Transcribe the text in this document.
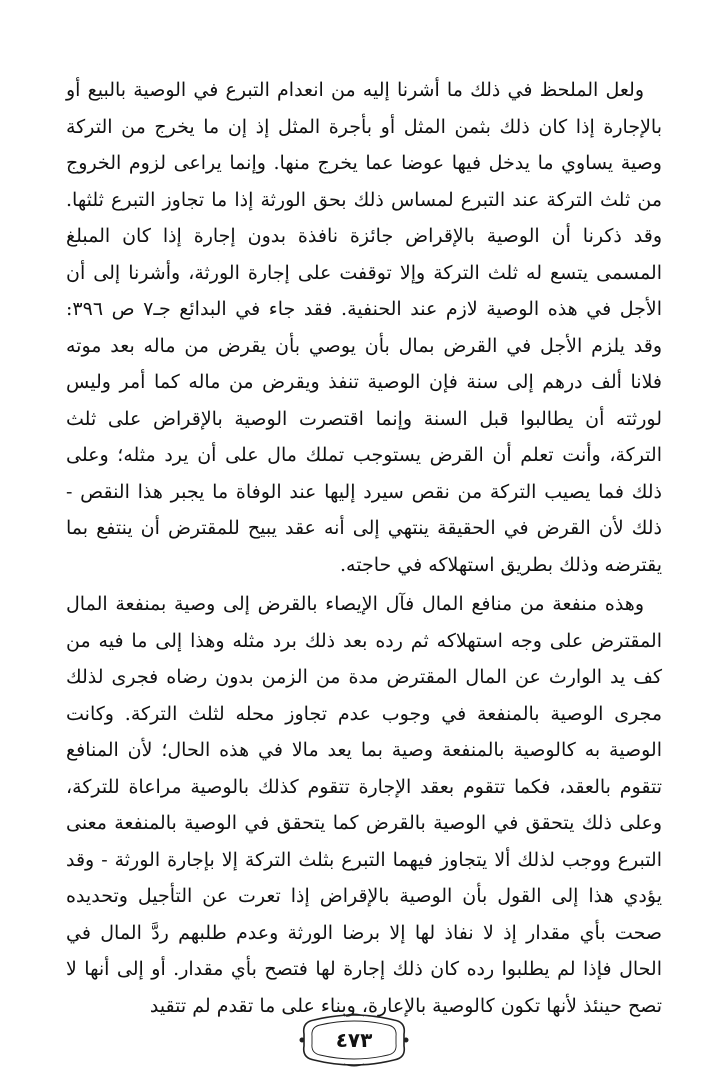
ولعل الملحظ في ذلك ما أشرنا إليه من انعدام التبرع في الوصية بالبيع أو بالإجارة إذا كان ذلك بثمن المثل أو بأجرة المثل إذ إن ما يخرج من التركة وصية يساوي ما يدخل فيها عوضا عما يخرج منها. وإنما يراعى لزوم الخروج من ثلث التركة عند التبرع لمساس ذلك بحق الورثة إذا ما تجاوز التبرع ثلثها. وقد ذكرنا أن الوصية بالإقراض جائزة نافذة بدون إجارة إذا كان المبلغ المسمى يتسع له ثلث التركة وإلا توقفت على إجارة الورثة، وأشرنا إلى أن الأجل في هذه الوصية لازم عند الحنفية. فقد جاء في البدائع جـ٧ ص ٣٩٦: وقد يلزم الأجل في القرض بمال بأن يوصي بأن يقرض من ماله بعد موته فلانا ألف درهم إلى سنة فإن الوصية تنفذ ويقرض من ماله كما أمر وليس لورثته أن يطالبوا قبل السنة وإنما اقتصرت الوصية بالإقراض على ثلث التركة، وأنت تعلم أن القرض يستوجب تملك مال على أن يرد مثله؛ وعلى ذلك فما يصيب التركة من نقص سيرد إليها عند الوفاة ما يجبر هذا النقص - ذلك لأن القرض في الحقيقة ينتهي إلى أنه عقد يبيح للمقترض أن ينتفع بما يقترضه وذلك بطريق استهلاكه في حاجته.

وهذه منفعة من منافع المال فآل الإيصاء بالقرض إلى وصية بمنفعة المال المقترض على وجه استهلاكه ثم رده بعد ذلك برد مثله وهذا إلى ما فيه من كف يد الوارث عن المال المقترض مدة من الزمن بدون رضاه فجرى لذلك مجرى الوصية بالمنفعة في وجوب عدم تجاوز محله لثلث التركة. وكانت الوصية به كالوصية بالمنفعة وصية بما يعد مالا في هذه الحال؛ لأن المنافع تتقوم بالعقد، فكما تتقوم بعقد الإجارة تتقوم كذلك بالوصية مراعاة للتركة، وعلى ذلك يتحقق في الوصية بالقرض كما يتحقق في الوصية بالمنفعة معنى التبرع ووجب لذلك ألا يتجاوز فيهما التبرع بثلث التركة إلا بإجارة الورثة - وقد يؤدي هذا إلى القول بأن الوصية بالإقراض إذا تعرت عن التأجيل وتحديده صحت بأي مقدار إذ لا نفاذ لها إلا برضا الورثة وعدم طلبهم ردَّ المال في الحال فإذا لم يطلبوا رده كان ذلك إجارة لها فتصح بأي مقدار. أو إلى أنها لا تصح حينئذ لأنها تكون كالوصية بالإعارة، وبناء على ما تقدم لم تتقيد

٤٧٣
